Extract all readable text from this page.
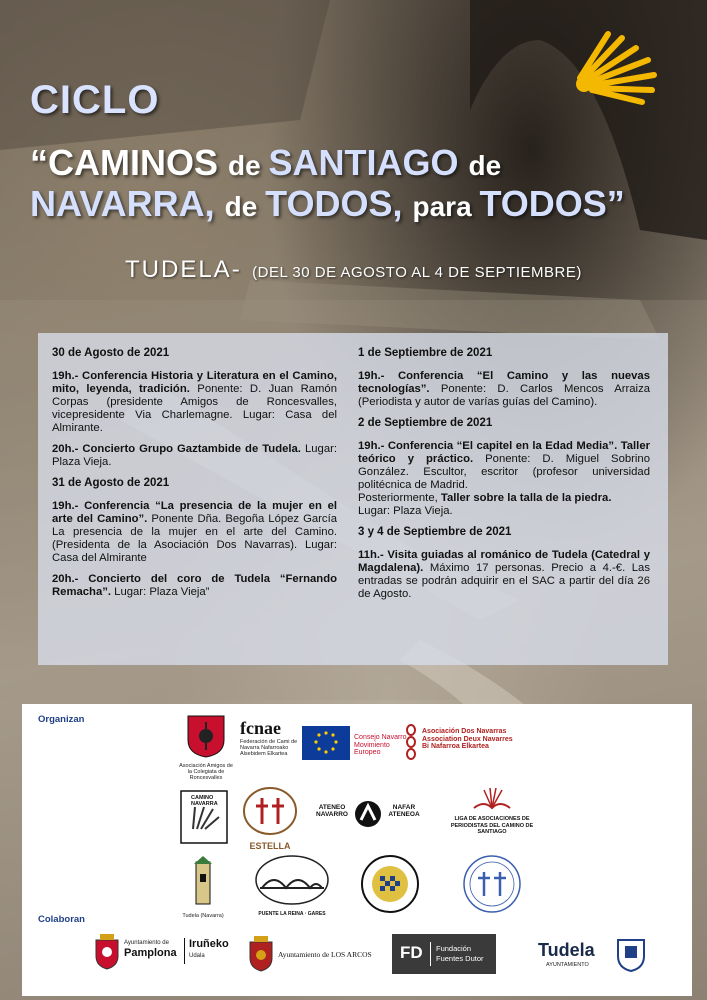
CICLO
“CAMINOS de SANTIAGO de
NAVARRA, de TODOS, para TODOS”
TUDELA- (DEL 30 DE AGOSTO AL 4 DE SEPTIEMBRE)
30 de Agosto de 2021
19h.- Conferencia Historia y Literatura en el Camino, mito, leyenda, tradición. Ponente: D. Juan Ramón Corpas (presidente Amigos de Roncesvalles, vicepresidente Via Charlemagne. Lugar: Casa del Almirante.
20h.- Concierto Grupo Gaztambide de Tudela. Lugar: Plaza Vieja.
31 de Agosto de 2021
19h.- Conferencia “La presencia de la mujer en el arte del Camino”. Ponente Dña. Begoña López García La presencia de la mujer en el arte del Camino. (Presidenta de la Asociación Dos Navarras). Lugar: Casa del Almirante
20h.- Concierto del coro de Tudela “Fernando Remacha”. Lugar: Plaza Vieja”
1 de Septiembre de 2021
19h.- Conferencia “El Camino y las nuevas tecnologías”. Ponente: D. Carlos Mencos Arraiza (Periodista y autor de varías guías del Camino).
2 de Septiembre de 2021
19h.- Conferencia “El capitel en la Edad Media”. Taller teórico y práctico. Ponente: D. Miguel Sobrino González. Escultor, escritor (profesor universidad politécnica de Madrid.
Posteriormente, Taller sobre la talla de la piedra.
Lugar: Plaza Vieja.
3 y 4 de Septiembre de 2021
11h.- Visita guiadas al románico de Tudela (Catedral y Magdalena). Máximo 17 personas. Precio a 4.-€. Las entradas se podrán adquirir en el SAC a partir del día 26 de Agosto.
Organizan
Asociación Amigos de la Colegiata de Roncesvalles
fcnae
Federación de Cami de Navarra Nafarroako Alsebidem Elkartea
Consejo Navarro Movimiento Europeo
Asociación Dos Navarras Association Deux Navarres Bi Nafarroa Elkartea
CAMINO NAVARRA
ESTELLA
ATENEO NAVARRO
NAFAR ATENEOA
LIGA DE ASOCIACIONES DE PERIODISTAS DEL CAMINO DE SANTIAGO
Tudela (Navarra)	PUENTE LA REINA · GARES
Colaboran
Ayuntamiento de
Pamplona
Iruñeko
Udala	Ayuntamiento de LOS ARCOS FD Fundación
Fuentes Dutor	Tudela
AYUNTAMIENTO
